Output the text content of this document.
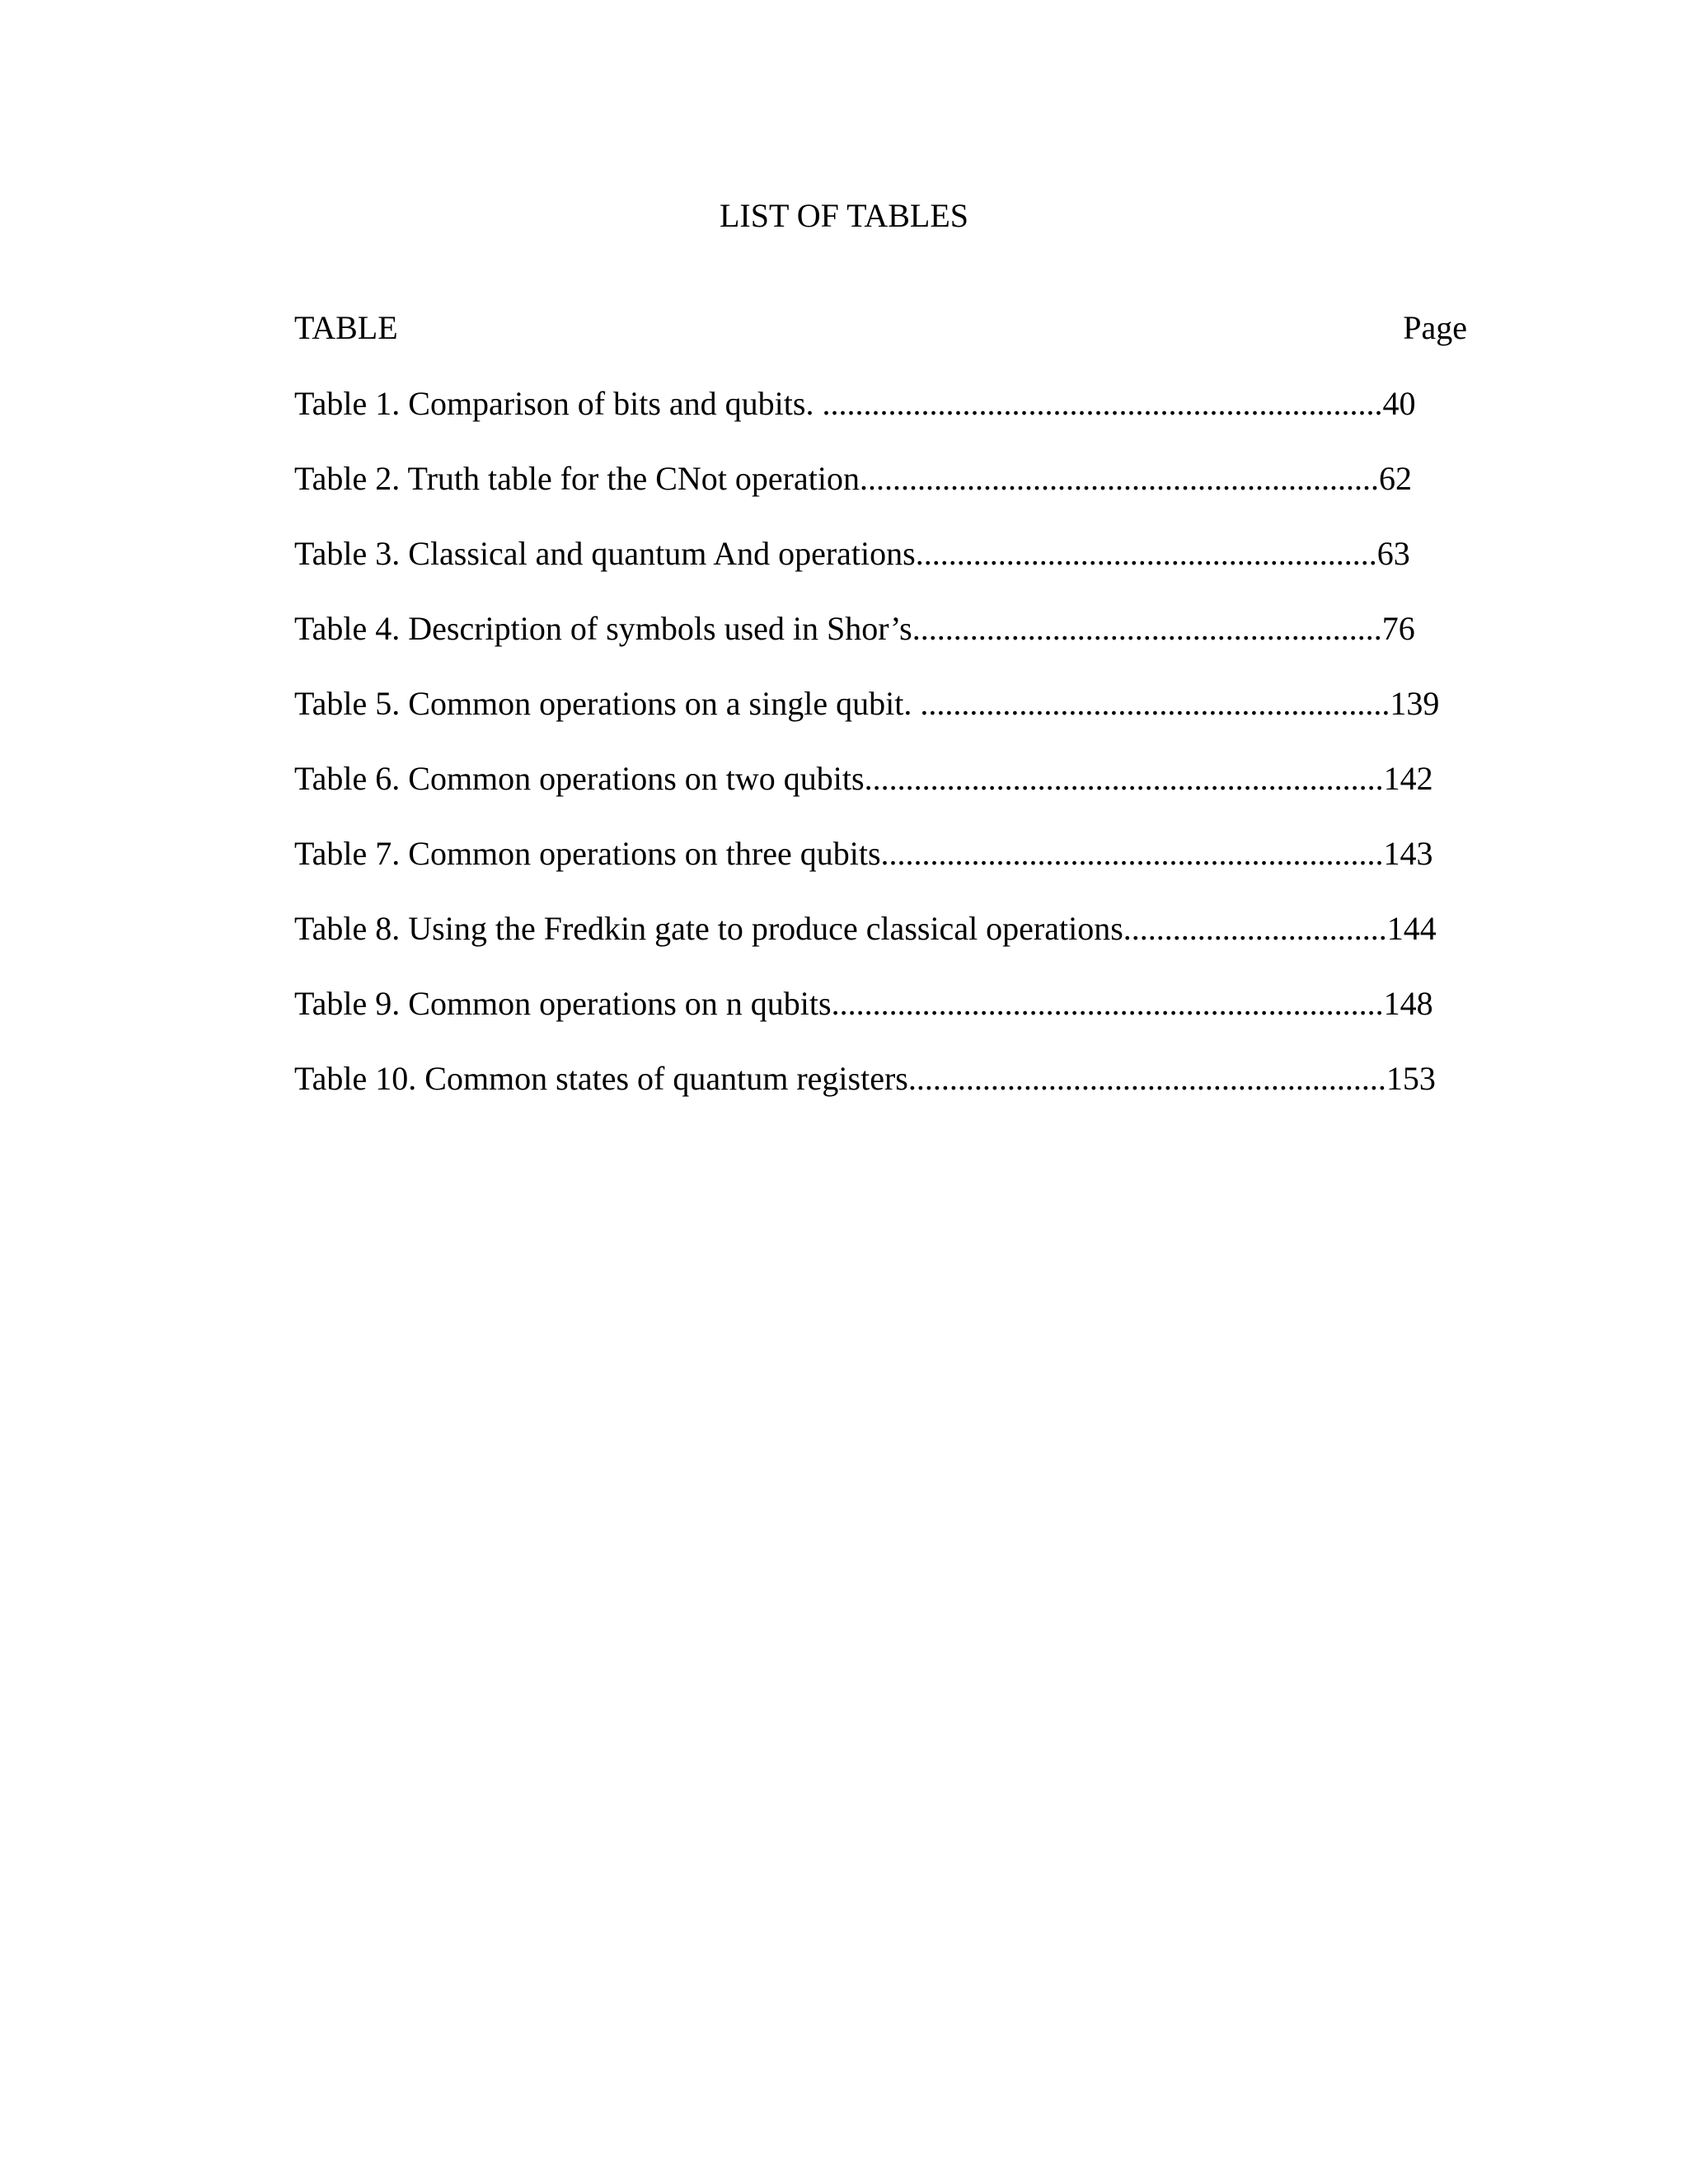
LIST OF TABLES
TABLE	Page
Table 1. Comparison of bits and qubits. ....................................................................40
Table 2. Truth table for the CNot operation...............................................................62
Table 3. Classical and quantum And operations........................................................63
Table 4. Description of symbols used in Shor’s.........................................................76
Table 5. Common operations on a single qubit. .........................................................139
Table 6. Common operations on two qubits...............................................................142
Table 7. Common operations on three qubits.............................................................143
Table 8. Using the Fredkin gate to produce classical operations................................144
Table 9. Common operations on n qubits...................................................................148
Table 10. Common states of quantum registers..........................................................153
